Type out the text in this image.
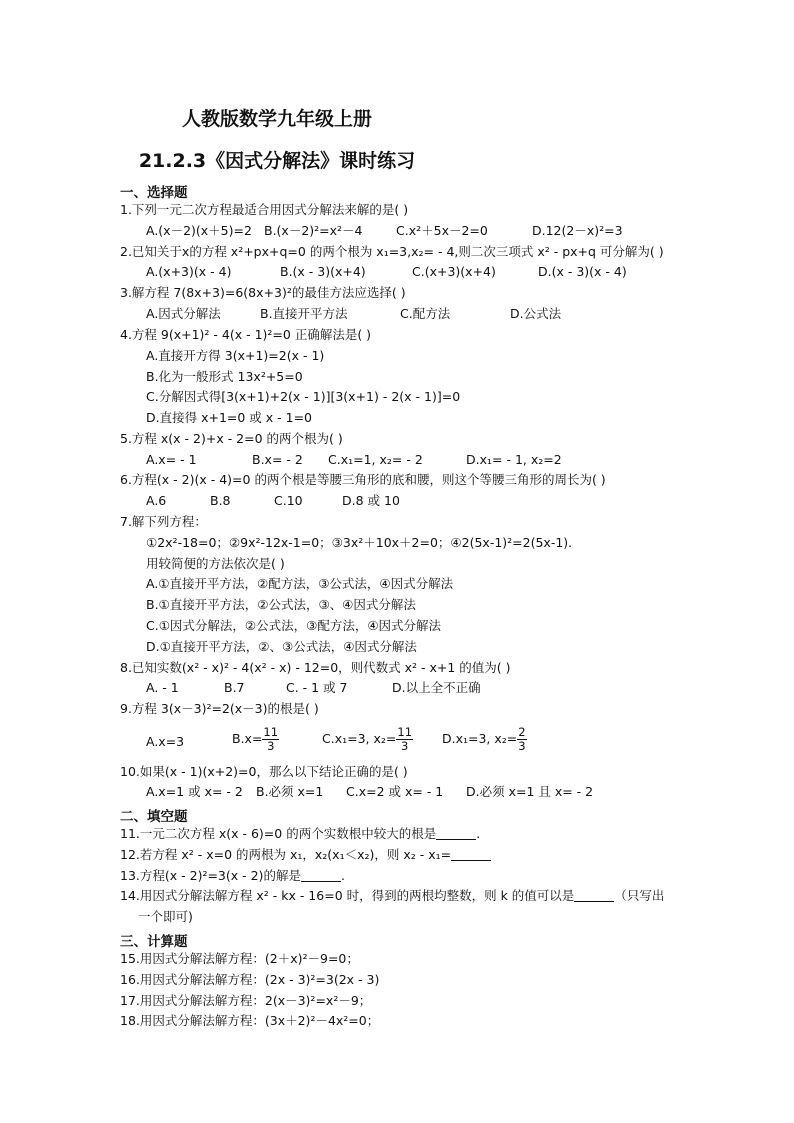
人教版数学九年级上册
21.2.3《因式分解法》课时练习
一、选择题
1.下列一元二次方程最适合用因式分解法来解的是( )
A.(x－2)(x＋5)=2 B.(x－2)²=x²－4	C.x²＋5x－2=0	D.12(2－x)²=3
2.已知关于x的方程 x²+px+q=0 的两个根为 x₁=3,x₂= - 4,则二次三项式 x² - px+q 可分解为( )
A.(x+3)(x - 4)	B.(x - 3)(x+4)	C.(x+3)(x+4)	D.(x - 3)(x - 4)
3.解方程 7(8x+3)=6(8x+3)²的最佳方法应选择( )
A.因式分解法	B.直接开平方法	C.配方法	D.公式法
4.方程 9(x+1)² - 4(x - 1)²=0 正确解法是( )
A.直接开方得 3(x+1)=2(x - 1)
B.化为一般形式 13x²+5=0
C.分解因式得[3(x+1)+2(x - 1)][3(x+1) - 2(x - 1)]=0
D.直接得 x+1=0 或 x - 1=0
5.方程 x(x - 2)+x - 2=0 的两个根为( )
A.x= - 1	B.x= - 2 C.x₁=1, x₂= - 2	D.x₁= - 1, x₂=2
6.方程(x - 2)(x - 4)=0 的两个根是等腰三角形的底和腰，则这个等腰三角形的周长为( )
A.6	B.8	C.10	D.8 或 10
7.解下列方程：
①2x²-18=0；②9x²-12x-1=0；③3x²＋10x＋2=0；④2(5x-1)²=2(5x-1).
用较简便的方法依次是( )
A.①直接开平方法，②配方法，③公式法，④因式分解法
B.①直接开平方法，②公式法，③、④因式分解法
C.①因式分解法，②公式法，③配方法，④因式分解法
D.①直接开平方法，②、③公式法，④因式分解法
8.已知实数(x² - x)² - 4(x² - x) - 12=0，则代数式 x² - x+1 的值为( )
A. - 1	B.7	C. - 1 或 7	D.以上全不正确
9.方程 3(x－3)²=2(x－3)的根是( )
A.x=3	$B.x= \frac{11}{3}$	C.x₁=3, $x_2= \frac{11}{3} D.x_1=3$, $x_2= \frac{2}{3}$
10.如果(x - 1)(x+2)=0，那么以下结论正确的是( )
A.x=1 或 x= - 2 B.必须 x=1 C.x=2 或 x= - 1 D.必须 x=1 且 x= - 2
二、填空题
11.一元二次方程 x(x - 6)=0 的两个实数根中较大的根是	.
12.若方程 x² - x=0 的两根为 x₁，x₂(x₁＜x₂)，则 x₂ - x₁=
13.方程(x - 2)²=3(x - 2)的解是	.
14.用因式分解法解方程 x² - kx - 16=0 时，得到的两根均整数，则 k 的值可以是	（只写出
一个即可)
三、计算题
15.用因式分解法解方程：(2＋x)²－9=0；
16.用因式分解法解方程：(2x - 3)²=3(2x - 3)
17.用因式分解法解方程：2(x－3)²=x²－9；
18.用因式分解法解方程：(3x＋2)²－4x²=0；
